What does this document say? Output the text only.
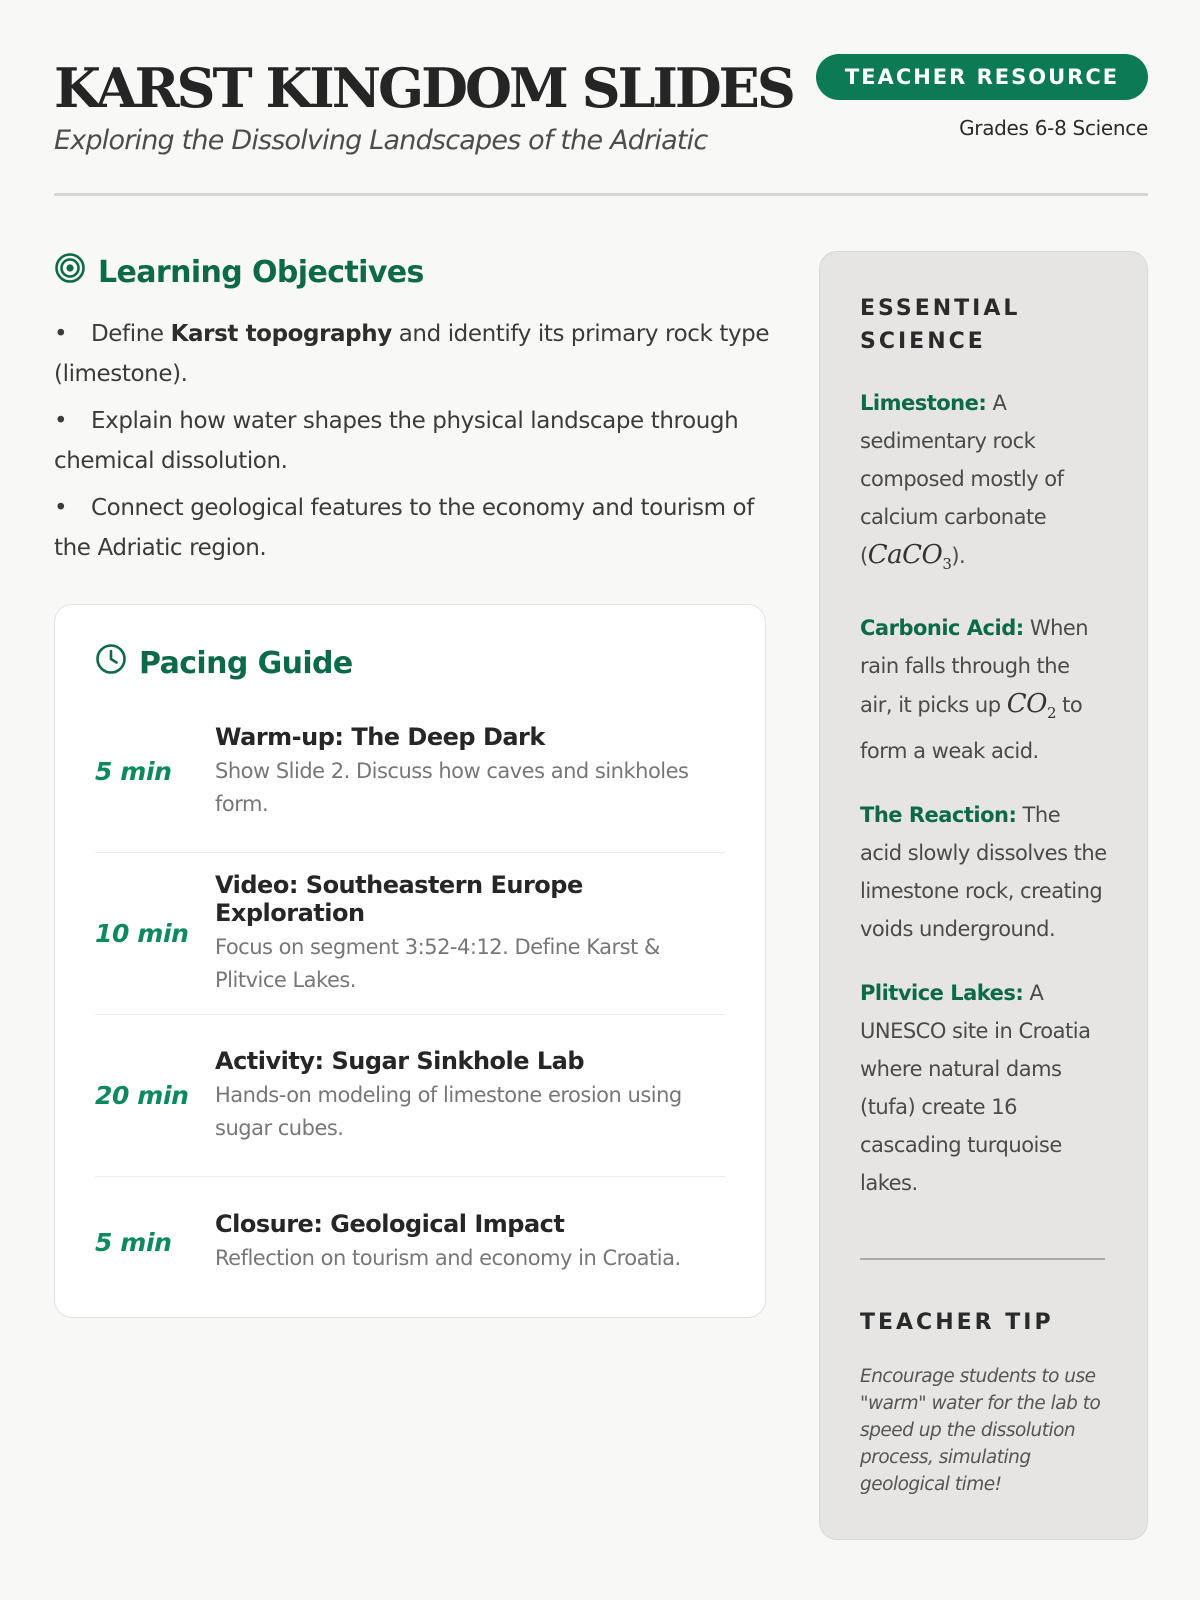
KARST KINGDOM SLIDES
Exploring the Dissolving Landscapes of the Adriatic
TEACHER RESOURCE
Grades 6-8 Science
Learning Objectives
• Define Karst topography and identify its primary rock type (limestone).
• Explain how water shapes the physical landscape through chemical dissolution.
• Connect geological features to the economy and tourism of the Adriatic region.
Pacing Guide
5 min
Warm-up: The Deep Dark
Show Slide 2. Discuss how caves and sinkholes form.
10 min
Video: Southeastern Europe Exploration
Focus on segment 3:52-4:12. Define Karst & Plitvice Lakes.
20 min
Activity: Sugar Sinkhole Lab
Hands-on modeling of limestone erosion using sugar cubes.
5 min
Closure: Geological Impact
Reflection on tourism and economy in Croatia.
ESSENTIAL SCIENCE
Limestone: A sedimentary rock composed mostly of calcium carbonate (CaCO$_3$).
Carbonic Acid: When rain falls through the air, it picks up $CO_2$ to form a weak acid.
The Reaction: The acid slowly dissolves the limestone rock, creating voids underground.
Plitvice Lakes: A UNESCO site in Croatia where natural dams (tufa) create 16 cascading turquoise lakes.
TEACHER TIP
Encourage students to use "warm" water for the lab to speed up the dissolution process, simulating geological time!
